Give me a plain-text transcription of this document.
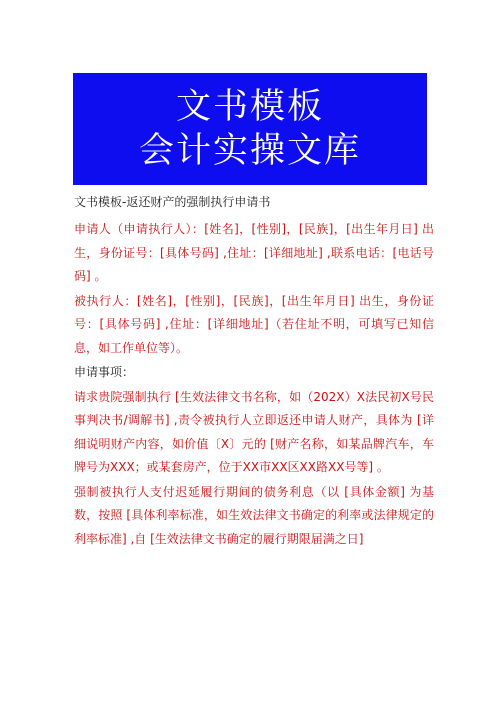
文书模板
会计实操文库
文书模板-返还财产的强制执行申请书

申请人（申请执行人）：[姓名]，[性别]，[民族]，[出生年月日] 出生，身份证号：[具体号码] ,住址：[详细地址] ,联系电话：[电话号码] 。

被执行人：[姓名]，[性别]，[民族]，[出生年月日] 出生，身份证号：[具体号码] ,住址：[详细地址]（若住址不明，可填写已知信息，如工作单位等）。

申请事项：

请求贵院强制执行 [生效法律文书名称，如（202X）X法民初X号民事判决书/调解书] ,责令被执行人立即返还申请人财产，具体为 [详细说明财产内容，如价值〔X〕元的 [财产名称，如某品牌汽车，车牌号为XXX；或某套房产，位于XX市XX区XX路XX号等] 。

强制被执行人支付迟延履行期间的债务利息（以 [具体金额] 为基数，按照 [具体利率标准，如生效法律文书确定的利率或法律规定的利率标准] ,自 [生效法律文书确定的履行期限届满之日]
